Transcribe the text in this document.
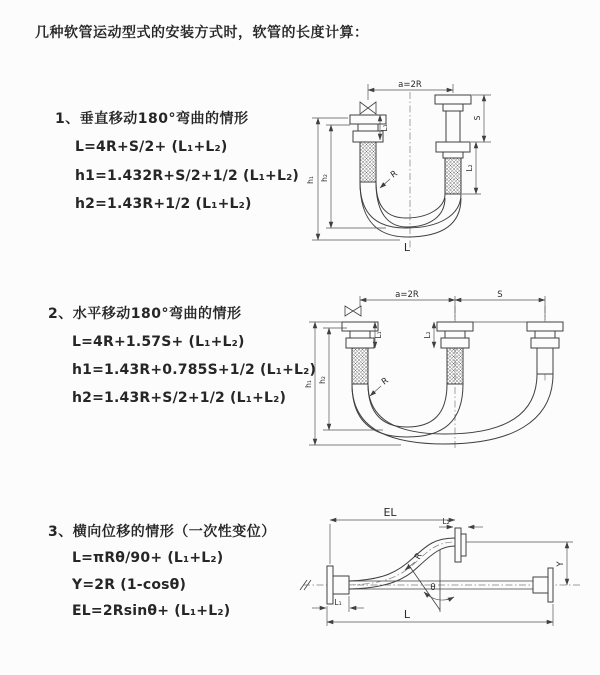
几种软管运动型式的安装方式时，软管的长度计算：
1、垂直移动180°弯曲的情形
L=4R+S/2+ (L₁+L₂)
h1=1.432R+S/2+1/2 (L₁+L₂)
h2=1.43R+1/2 (L₁+L₂)
2、水平移动180°弯曲的情形
L=4R+1.57S+ (L₁+L₂)
h1=1.43R+0.785S+1/2 (L₁+L₂)
h2=1.43R+S/2+1/2 (L₁+L₂)
3、横向位移的情形（一次性变位）
L=πRθ/90+ (L₁+L₂)
Y=2R (1-cosθ)
EL=2Rsinθ+ (L₁+L₂)
a=2R
h₁ h₂
L₁
S
L₂
R
L
a=2R	S
h₁
h₂
L₁	L₂
R
EL
L₂
Y
L
L₁
θ
R
